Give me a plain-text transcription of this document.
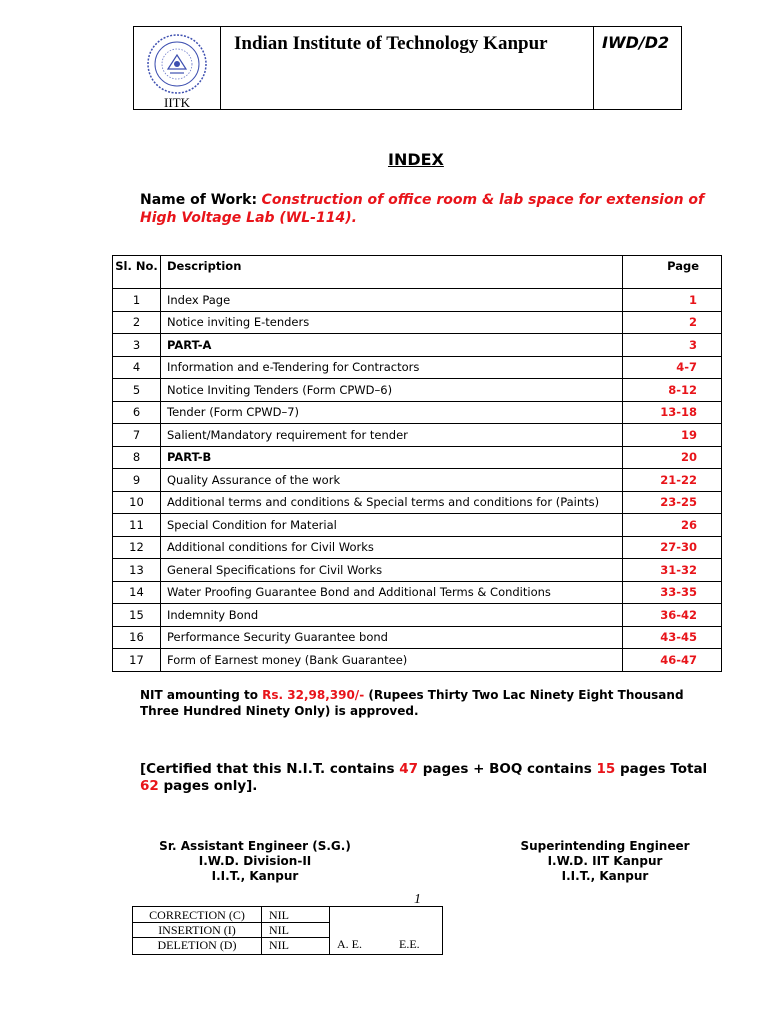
IITK
Indian Institute of Technology Kanpur	IWD/D2
INDEX
Name of Work: Construction of office room & lab space for extension of High Voltage Lab (WL-114).
Sl. No.	Description	Page
1	Index Page	1
2	Notice inviting E-tenders	2
3	PART-A	3
4	Information and e-Tendering for Contractors	4-7
5	Notice Inviting Tenders (Form CPWD–6)	8-12
6	Tender (Form CPWD–7)	13-18
7	Salient/Mandatory requirement for tender	19
8	PART-B	20
9	Quality Assurance of the work	21-22
10	Additional terms and conditions & Special terms and conditions for (Paints)	23-25
11	Special Condition for Material	26
12	Additional conditions for Civil Works	27-30
13	General Specifications for Civil Works	31-32
14	Water Proofing Guarantee Bond and Additional Terms & Conditions	33-35
15	Indemnity Bond	36-42
16	Performance Security Guarantee bond	43-45
17	Form of Earnest money (Bank Guarantee)	46-47
NIT amounting to Rs. 32,98,390/- (Rupees Thirty Two Lac Ninety Eight Thousand Three Hundred Ninety Only) is approved.
[Certified that this N.I.T. contains 47 pages + BOQ contains 15 pages Total 62 pages only].
Sr. Assistant Engineer (S.G.)
I.W.D. Division-II
I.I.T., Kanpur
Superintending Engineer
I.W.D. IIT Kanpur
I.I.T., Kanpur
1
CORRECTION (C)	NIL
INSERTION (I)	NIL
DELETION (D)	NIL	A. E.	E.E.
